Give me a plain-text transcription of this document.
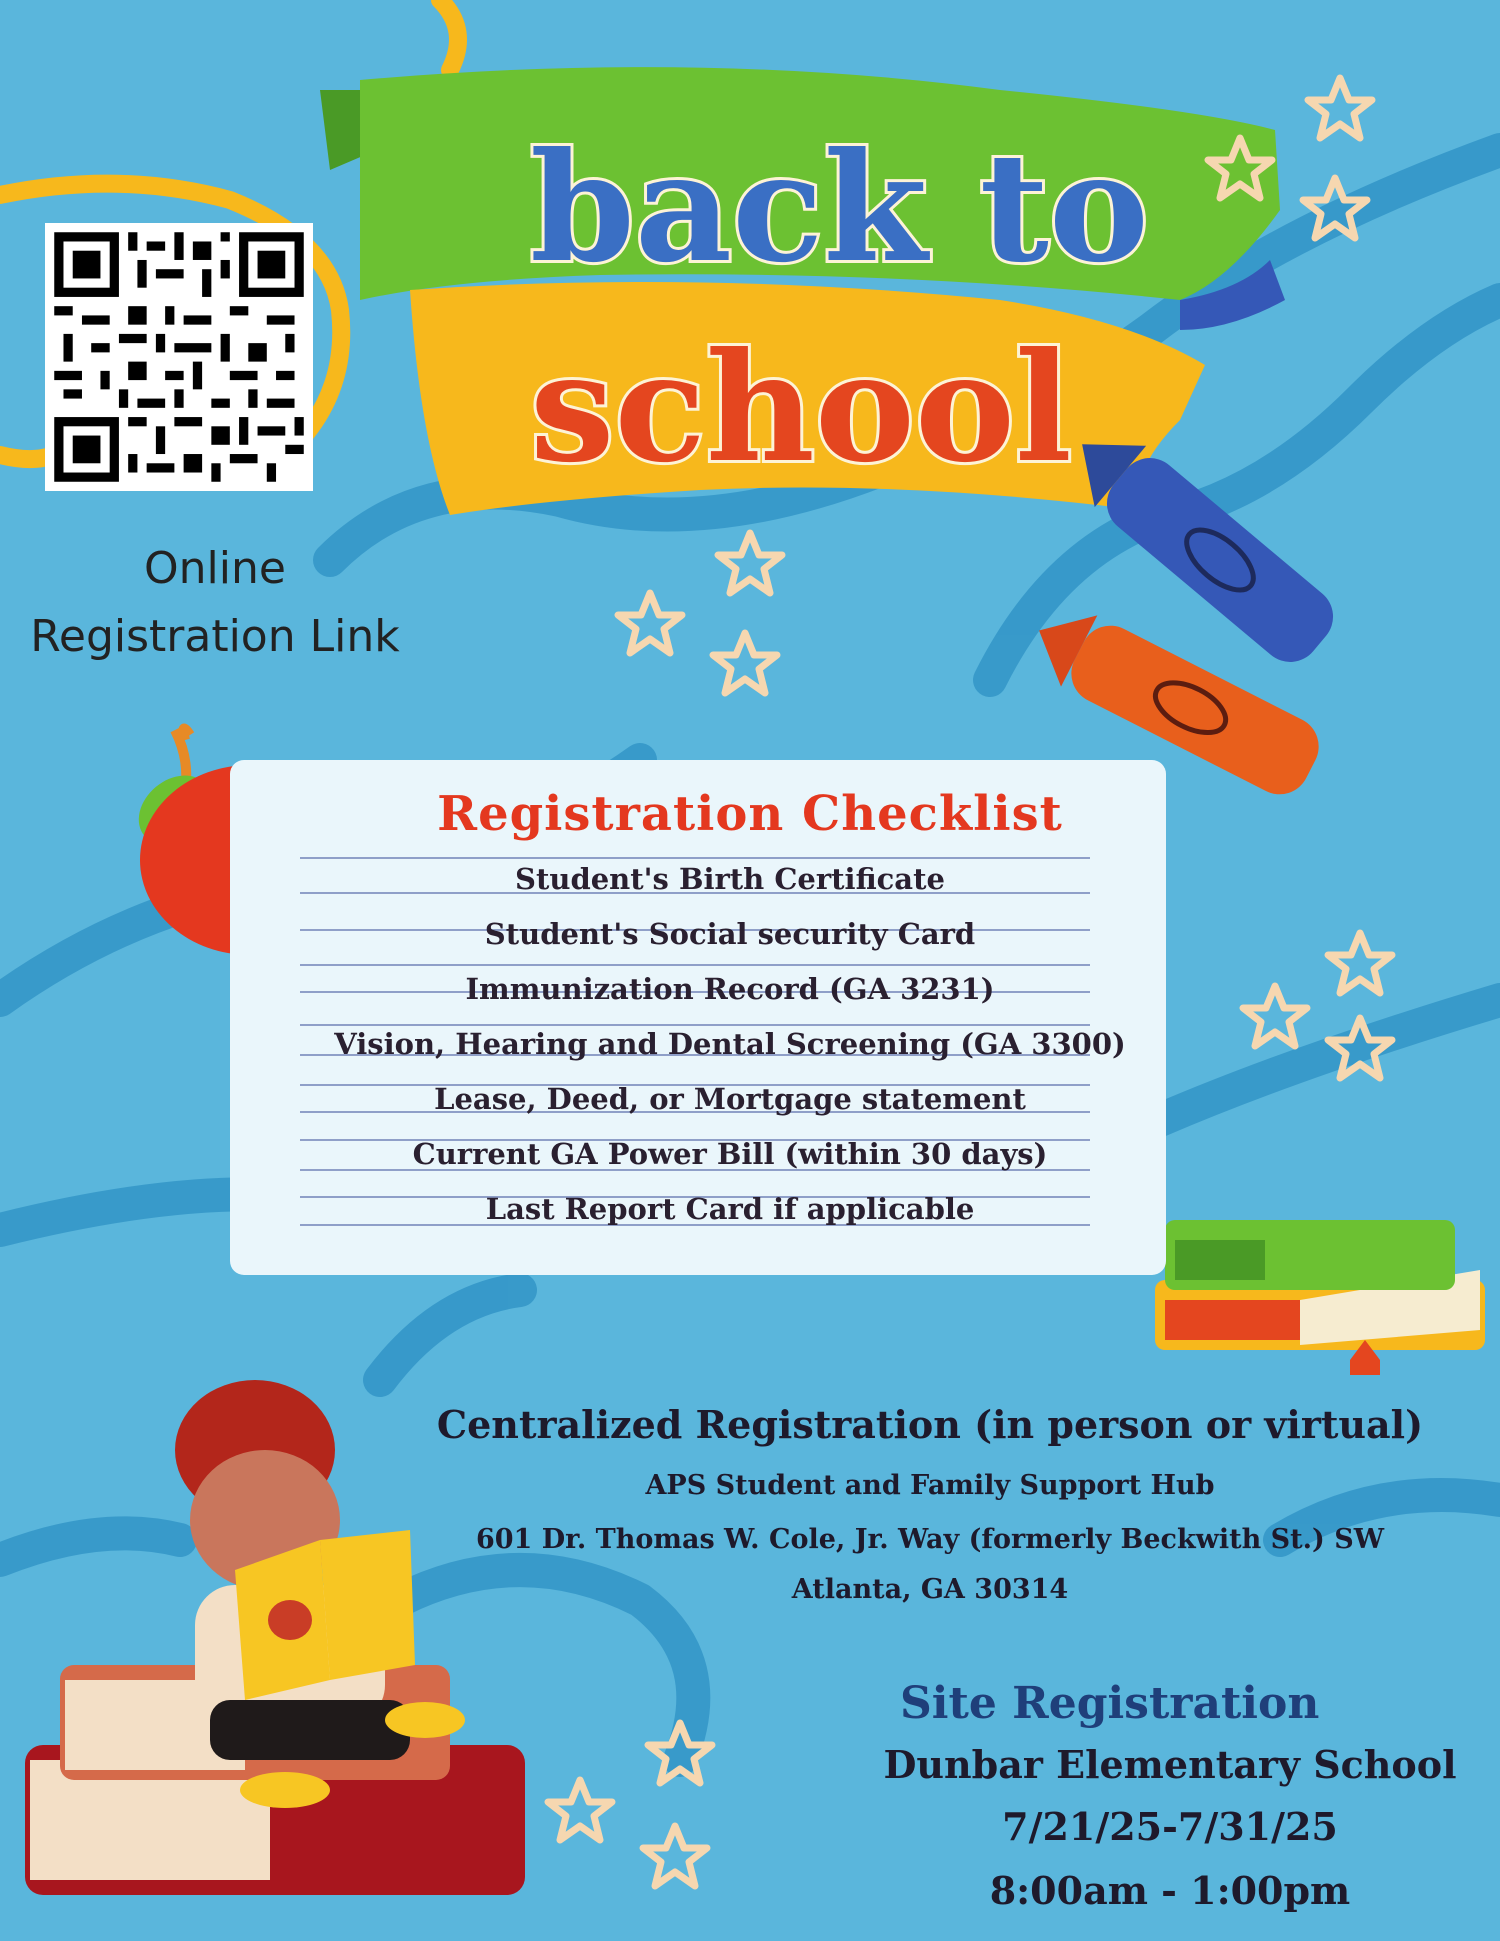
back to
school
Online
Registration Link
Registration Checklist
Student's Birth Certificate
Student's Social security Card
Immunization Record (GA 3231)
Vision, Hearing and Dental Screening (GA 3300)
Lease, Deed, or Mortgage statement
Current GA Power Bill (within 30 days)
Last Report Card if applicable
Centralized Registration (in person or virtual)
APS Student and Family Support Hub
601 Dr. Thomas W. Cole, Jr. Way (formerly Beckwith St.) SW
Atlanta, GA 30314
Site Registration
Dunbar Elementary School
7/21/25-7/31/25
8:00am - 1:00pm
